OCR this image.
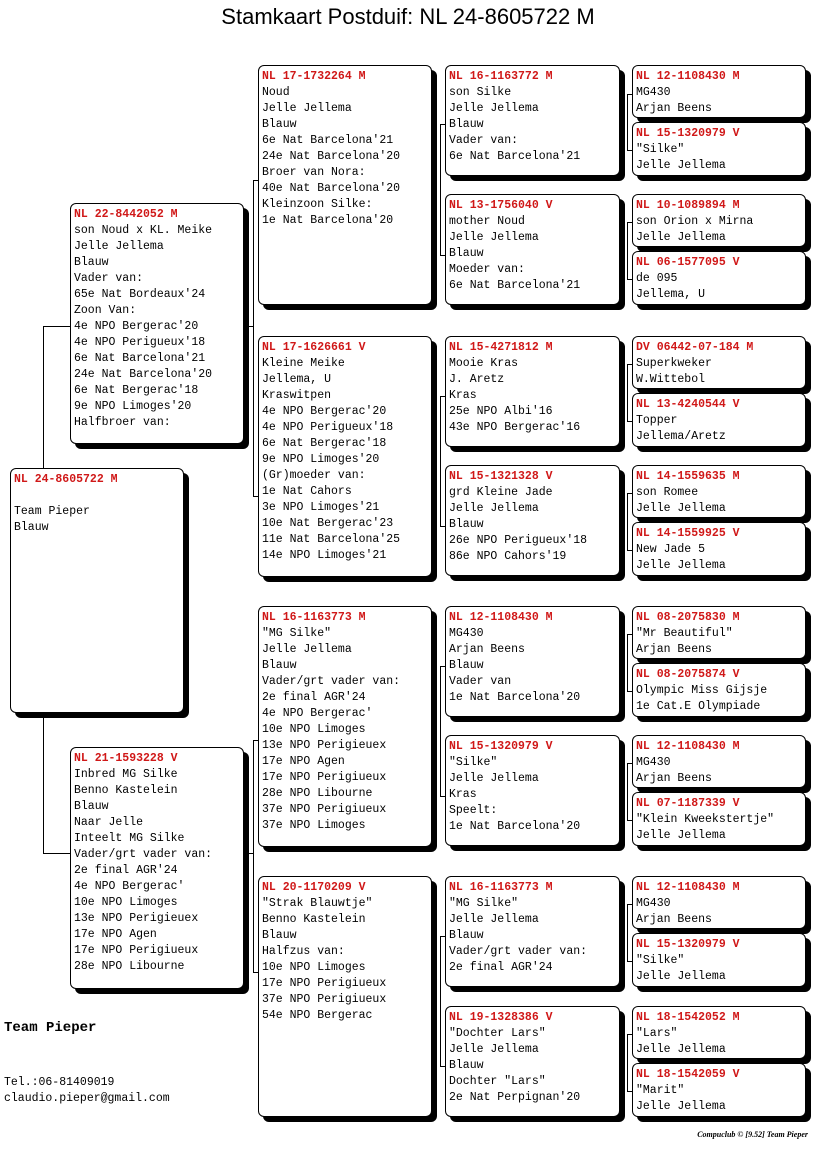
Stamkaart Postduif: NL 24-8605722 M
NL 24-8605722 M

Team Pieper
Blauw
NL 22-8442052 M
son Noud x KL. Meike
Jelle Jellema
Blauw
Vader van:
65e Nat Bordeaux'24
Zoon Van:
4e NPO Bergerac'20
4e NPO Perigueux'18
6e Nat Barcelona'21
24e Nat Barcelona'20
6e Nat Bergerac'18
9e NPO Limoges'20
Halfbroer van:
NL 21-1593228 V
Inbred MG Silke
Benno Kastelein
Blauw
Naar Jelle
Inteelt MG Silke
Vader/grt vader van:
2e final AGR'24
4e NPO Bergerac'
10e NPO Limoges
13e NPO Perigieuex
17e NPO Agen
17e NPO Perigiueux
28e NPO Libourne
NL 17-1732264 M
Noud
Jelle Jellema
Blauw
6e Nat Barcelona'21
24e Nat Barcelona'20
Broer van Nora:
40e Nat Barcelona'20
Kleinzoon Silke:
1e Nat Barcelona'20
NL 17-1626661 V
Kleine Meike
Jellema, U
Kraswitpen
4e NPO Bergerac'20
4e NPO Perigueux'18
6e Nat Bergerac'18
9e NPO Limoges'20
(Gr)moeder van:
1e Nat Cahors
3e NPO Limoges'21
10e Nat Bergerac'23
11e Nat Barcelona'25
14e NPO Limoges'21
NL 16-1163773 M
"MG Silke"
Jelle Jellema
Blauw
Vader/grt vader van:
2e final AGR'24
4e NPO Bergerac'
10e NPO Limoges
13e NPO Perigieuex
17e NPO Agen
17e NPO Perigiueux
28e NPO Libourne
37e NPO Perigiueux
37e NPO Limoges
NL 20-1170209 V
"Strak Blauwtje"
Benno Kastelein
Blauw
Halfzus van:
10e NPO Limoges
17e NPO Perigiueux
37e NPO Perigiueux
54e NPO Bergerac
NL 16-1163772 M
son Silke
Jelle Jellema
Blauw
Vader van:
6e Nat Barcelona'21
NL 13-1756040 V
mother Noud
Jelle Jellema
Blauw
Moeder van:
6e Nat Barcelona'21
NL 15-4271812 M
Mooie Kras
J. Aretz
Kras
25e NPO Albi'16
43e NPO Bergerac'16
NL 15-1321328 V
grd Kleine Jade
Jelle Jellema
Blauw
26e NPO Perigueux'18
86e NPO Cahors'19
NL 12-1108430 M
MG430
Arjan Beens
Blauw
Vader van
1e Nat Barcelona'20
NL 15-1320979 V
"Silke"
Jelle Jellema
Kras
Speelt:
1e Nat Barcelona'20
NL 16-1163773 M
"MG Silke"
Jelle Jellema
Blauw
Vader/grt vader van:
2e final AGR'24
NL 19-1328386 V
"Dochter Lars"
Jelle Jellema
Blauw
Dochter "Lars"
2e Nat Perpignan'20
NL 12-1108430 M
MG430
Arjan Beens
NL 15-1320979 V
"Silke"
Jelle Jellema
NL 10-1089894 M
son Orion x Mirna
Jelle Jellema
NL 06-1577095 V
de 095
Jellema, U
DV 06442-07-184 M
Superkweker
W.Wittebol
NL 13-4240544 V
Topper
Jellema/Aretz
NL 14-1559635 M
son Romee
Jelle Jellema
NL 14-1559925 V
New Jade 5
Jelle Jellema
NL 08-2075830 M
"Mr Beautiful"
Arjan Beens
NL 08-2075874 V
Olympic Miss Gijsje
1e Cat.E Olympiade
NL 12-1108430 M
MG430
Arjan Beens
NL 07-1187339 V
"Klein Kweekstertje"
Jelle Jellema
NL 12-1108430 M
MG430
Arjan Beens
NL 15-1320979 V
"Silke"
Jelle Jellema
NL 18-1542052 M
"Lars"
Jelle Jellema
NL 18-1542059 V
"Marit"
Jelle Jellema
Team Pieper
Tel.:06-81409019
claudio.pieper@gmail.com
Compuclub © [9.52] Team Pieper
